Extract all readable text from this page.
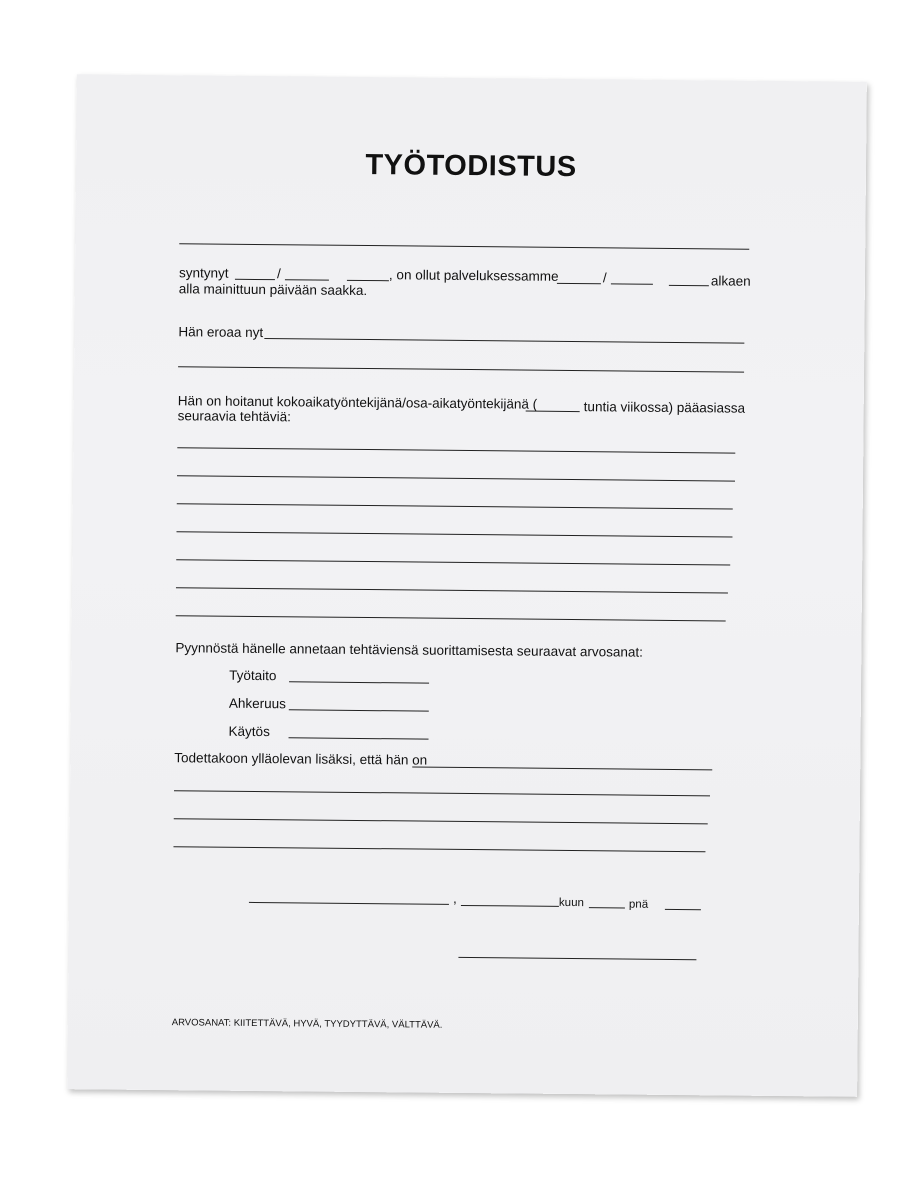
TYÖTODISTUS
syntynyt	/	, on ollut palveluksessamme	/	alkaen
alla mainittuun päivään saakka.
Hän eroaa nyt
Hän on hoitanut kokoaikatyöntekijänä/osa-aikatyöntekijänä (	tuntia viikossa) pääasiassa
seuraavia tehtäviä:
Pyynnöstä hänelle annetaan tehtäviensä suorittamisesta seuraavat arvosanat:
Työtaito
Ahkeruus
Käytös
Todettakoon ylläolevan lisäksi, että hän on
,	kuun	pnä
ARVOSANAT: KIITETTÄVÄ, HYVÄ, TYYDYTTÄVÄ, VÄLTTÄVÄ.
